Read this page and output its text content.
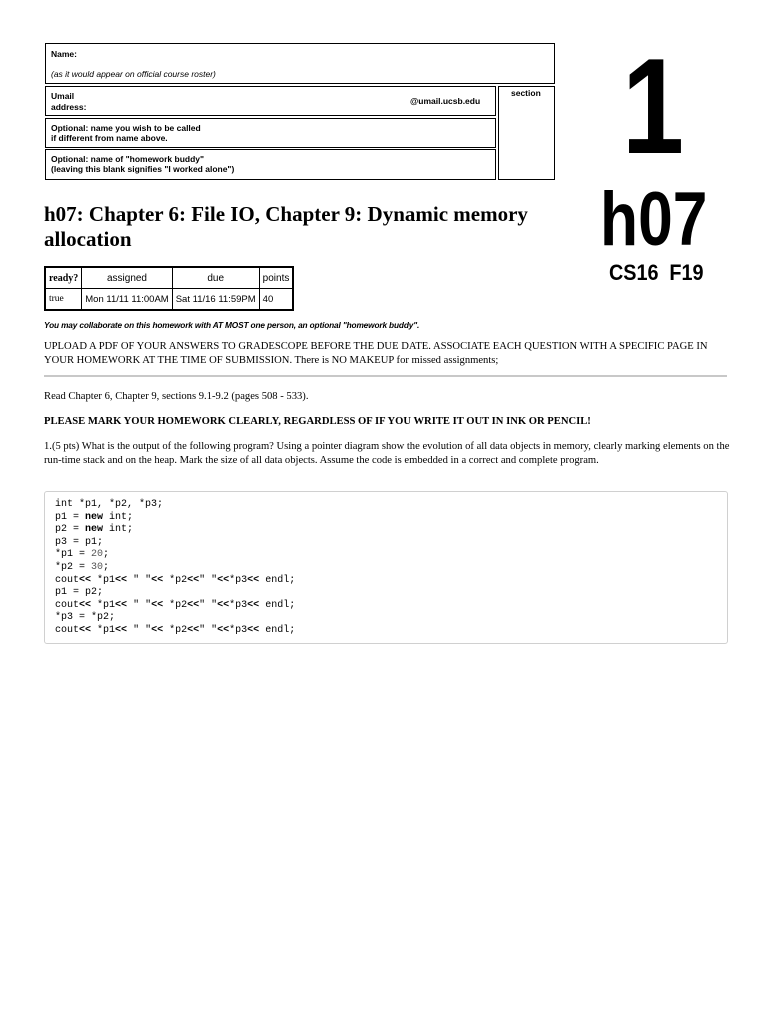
Name:
(as it would appear on official course roster)
Umail
address:
@umail.ucsb.edu
section
Optional: name you wish to be called
if different from name above.
Optional: name of "homework buddy"
(leaving this blank signifies "I worked alone")	1
h07
CS16 F19
h07: Chapter 6: File IO, Chapter 9: Dynamic memory allocation
ready?	assigned	due	points
true	Mon 11/11 11:00AM	Sat 11/16 11:59PM	40
You may collaborate on this homework with AT MOST one person, an optional "homework buddy".
UPLOAD A PDF OF YOUR ANSWERS TO GRADESCOPE BEFORE THE DUE DATE. ASSOCIATE EACH QUESTION WITH A SPECIFIC PAGE IN YOUR HOMEWORK AT THE TIME OF SUBMISSION. There is NO MAKEUP for missed assignments;
Read Chapter 6, Chapter 9, sections 9.1-9.2 (pages 508 - 533).
PLEASE MARK YOUR HOMEWORK CLEARLY, REGARDLESS OF IF YOU WRITE IT OUT IN INK OR PENCIL!
1.(5 pts) What is the output of the following program? Using a pointer diagram show the evolution of all data objects in memory, clearly marking elements on the run-time stack and on the heap. Mark the size of all data objects. Assume the code is embedded in a correct and complete program.
int *p1, *p2, *p3;
p1 = new int;
p2 = new int;
p3 = p1;
*p1 = 20;
*p2 = 30;
cout<< *p1<< " "<< *p2<<" "<<*p3<< endl;
p1 = p2;
cout<< *p1<< " "<< *p2<<" "<<*p3<< endl;
*p3 = *p2;
cout<< *p1<< " "<< *p2<<" "<<*p3<< endl;
